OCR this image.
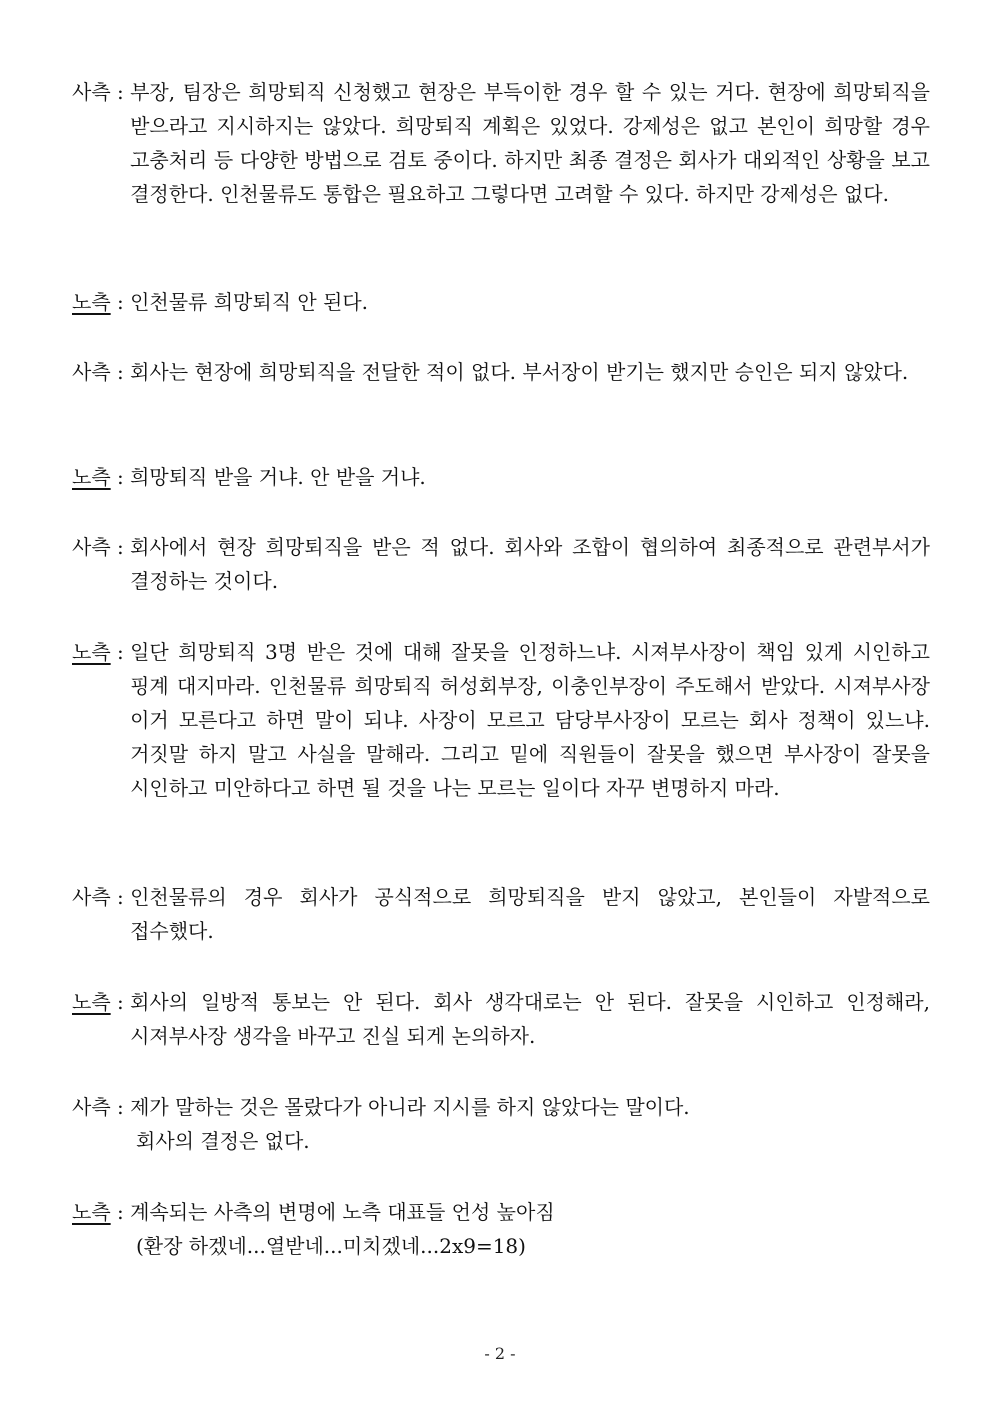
사측 : 부장, 팀장은 희망퇴직 신청했고 현장은 부득이한 경우 할 수 있는 거다. 현장에 희망퇴직을 받으라고 지시하지는 않았다. 희망퇴직 계획은 있었다. 강제성은 없고 본인이 희망할 경우 고충처리 등 다양한 방법으로 검토 중이다. 하지만 최종 결정은 회사가 대외적인 상황을 보고 결정한다. 인천물류도 통합은 필요하고 그렇다면 고려할 수 있다. 하지만 강제성은 없다.
노측 : 인천물류 희망퇴직 안 된다.
사측 : 회사는 현장에 희망퇴직을 전달한 적이 없다. 부서장이 받기는 했지만 승인은 되지 않았다.
노측 : 희망퇴직 받을 거냐. 안 받을 거냐.
사측 : 회사에서 현장 희망퇴직을 받은 적 없다. 회사와 조합이 협의하여 최종적으로 관련부서가 결정하는 것이다.
노측 : 일단 희망퇴직 3명 받은 것에 대해 잘못을 인정하느냐. 시져부사장이 책임 있게 시인하고 핑계 대지마라. 인천물류 희망퇴직 허성회부장, 이충인부장이 주도해서 받았다. 시져부사장 이거 모른다고 하면 말이 되냐. 사장이 모르고 담당부사장이 모르는 회사 정책이 있느냐. 거짓말 하지 말고 사실을 말해라. 그리고 밑에 직원들이 잘못을 했으면 부사장이 잘못을 시인하고 미안하다고 하면 될 것을 나는 모르는 일이다 자꾸 변명하지 마라.
사측 : 인천물류의 경우 회사가 공식적으로 희망퇴직을 받지 않았고, 본인들이 자발적으로 접수했다.
노측 : 회사의 일방적 통보는 안 된다. 회사 생각대로는 안 된다. 잘못을 시인하고 인정해라, 시져부사장 생각을 바꾸고 진실 되게 논의하자.
사측 : 제가 말하는 것은 몰랐다가 아니라 지시를 하지 않았다는 말이다.
회사의 결정은 없다.
노측 : 계속되는 사측의 변명에 노측 대표들 언성 높아짐
(환장 하겠네...열받네...미치겠네...2x9=18)
- 2 -
